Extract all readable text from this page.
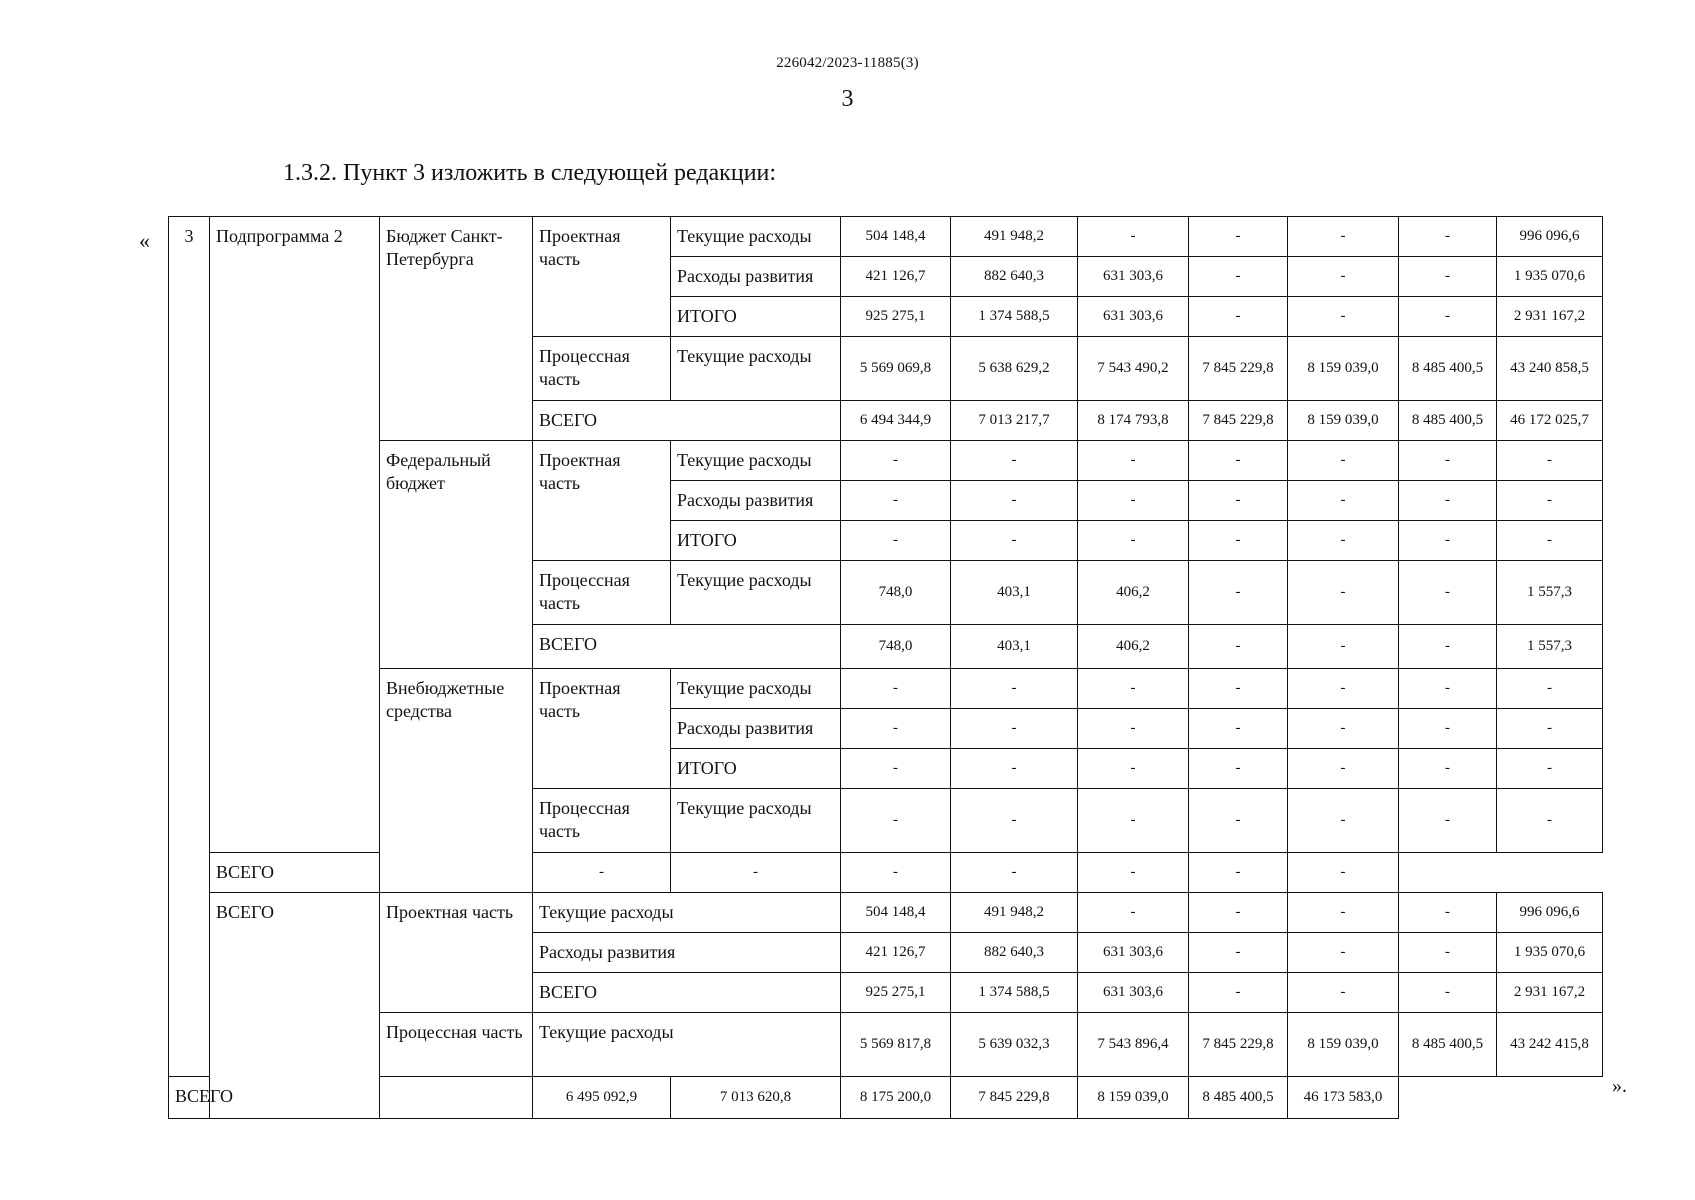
226042/2023-11885(3)
3
1.3.2. Пункт 3 изложить в следующей редакции:
«
».
3	Подпрограмма 2	Бюджет Санкт-Петербурга	Проектная часть	Текущие расходы	504 148,4	491 948,2	-	-	-	-	996 096,6
				Расходы развития	421 126,7	882 640,3	631 303,6	-	-	-	1 935 070,6
				ИТОГО	925 275,1	1 374 588,5	631 303,6	-	-	-	2 931 167,2
			Процессная часть	Текущие расходы	5 569 069,8	5 638 629,2	7 543 490,2	7 845 229,8	8 159 039,0	8 485 400,5	43 240 858,5
			ВСЕГО		6 494 344,9	7 013 217,7	8 174 793,8	7 845 229,8	8 159 039,0	8 485 400,5	46 172 025,7
		Федеральный бюджет	Проектная часть	Текущие расходы	-	-	-	-	-	-	-
				Расходы развития	-	-	-	-	-	-	-
				ИТОГО	-	-	-	-	-	-	-
			Процессная часть	Текущие расходы	748,0	403,1	406,2	-	-	-	1 557,3
			ВСЕГО		748,0	403,1	406,2	-	-	-	1 557,3
		Внебюджетные средства	Проектная часть	Текущие расходы	-	-	-	-	-	-	-
				Расходы развития	-	-	-	-	-	-	-
				ИТОГО	-	-	-	-	-	-	-
			Процессная часть	Текущие расходы	-	-	-	-	-	-	-
	ВСЕГО		-	-	-	-	-	-	-		
	ВСЕГО	Проектная часть	Текущие расходы		504 148,4	491 948,2	-	-	-	-	996 096,6
			Расходы развития		421 126,7	882 640,3	631 303,6	-	-	-	1 935 070,6
			ВСЕГО		925 275,1	1 374 588,5	631 303,6	-	-	-	2 931 167,2
		Процессная часть	Текущие расходы		5 569 817,8	5 639 032,3	7 543 896,4	7 845 229,8	8 159 039,0	8 485 400,5	43 242 415,8
ВСЕГО			6 495 092,9	7 013 620,8	8 175 200,0	7 845 229,8	8 159 039,0	8 485 400,5	46 173 583,0		
